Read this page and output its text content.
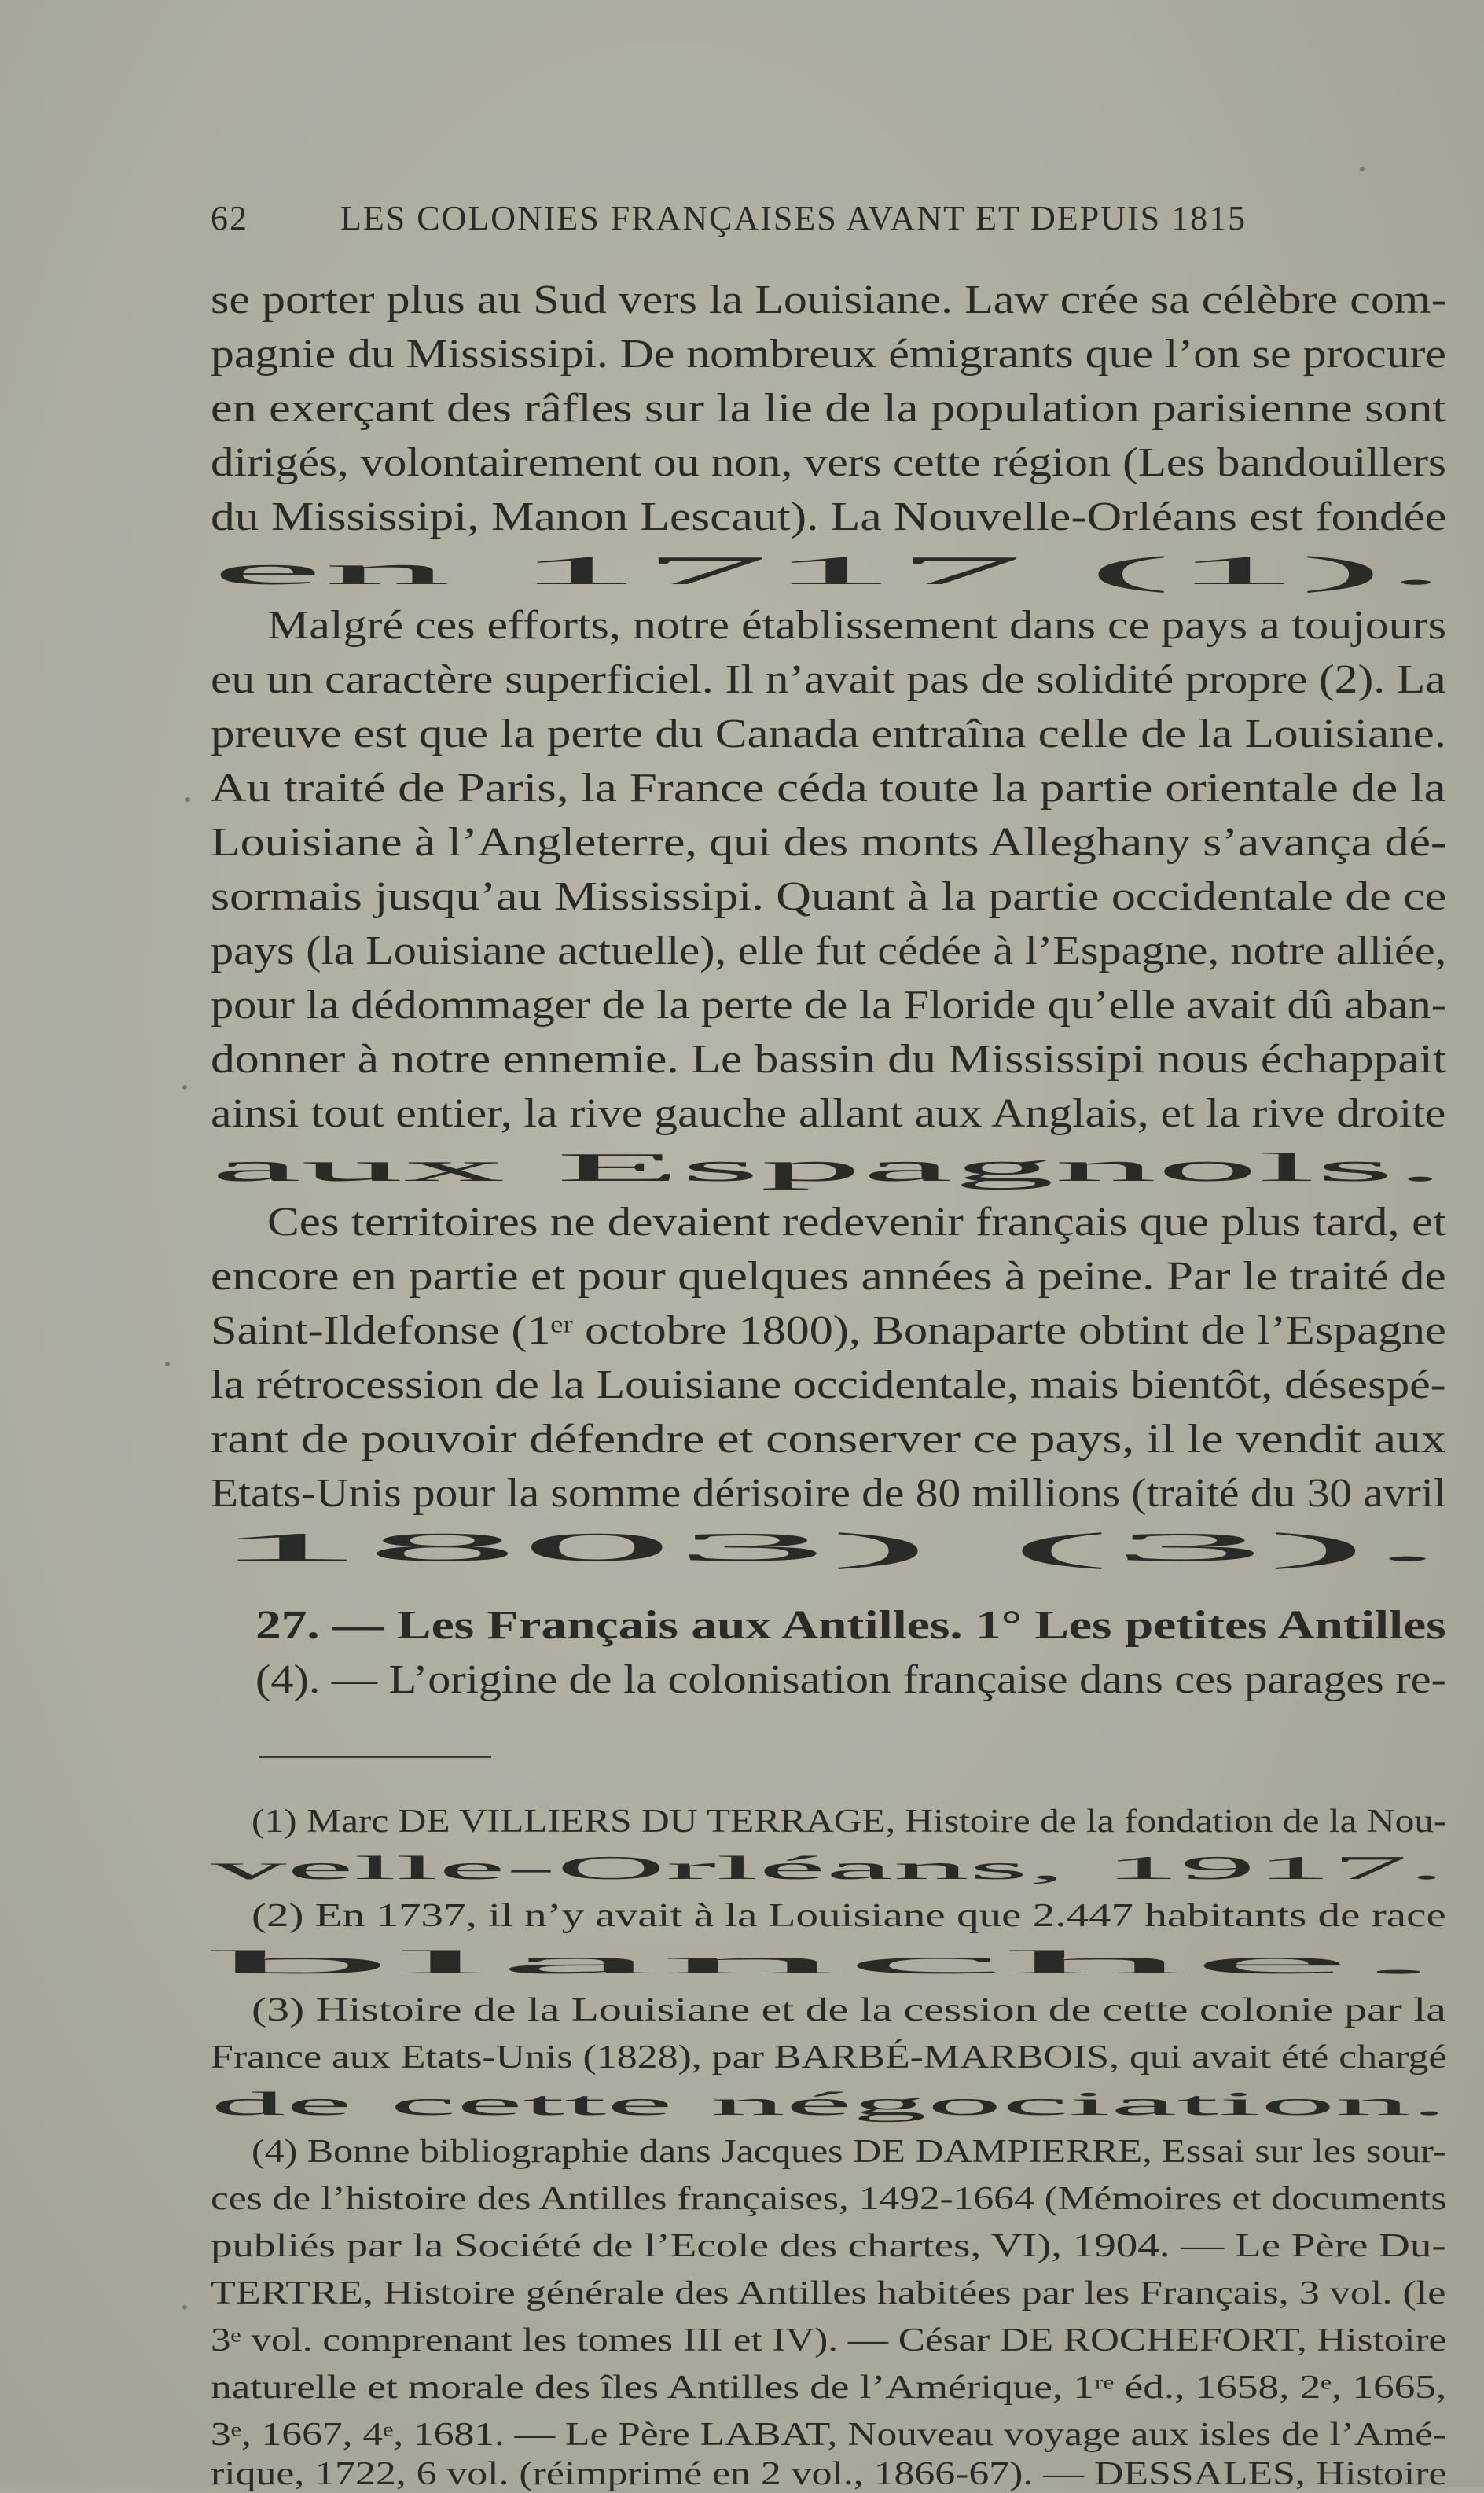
62	LES COLONIES FRANÇAISES AVANT ET DEPUIS 1815
se porter plus au Sud vers la Louisiane. Law crée sa célèbre com-
pagnie du Mississipi. De nombreux émigrants que l’on se procure
en exerçant des râfles sur la lie de la population parisienne sont
dirigés, volontairement ou non, vers cette région (Les bandouillers
du Mississipi, Manon Lescaut). La Nouvelle-Orléans est fondée
en 1717 (1).
Malgré ces efforts, notre établissement dans ce pays a toujours
eu un caractère superficiel. Il n’avait pas de solidité propre (2). La
preuve est que la perte du Canada entraîna celle de la Louisiane.
Au traité de Paris, la France céda toute la partie orientale de la
Louisiane à l’Angleterre, qui des monts Alleghany s’avança dé-
sormais jusqu’au Mississipi. Quant à la partie occidentale de ce
pays (la Louisiane actuelle), elle fut cédée à l’Espagne, notre alliée,
pour la dédommager de la perte de la Floride qu’elle avait dû aban-
donner à notre ennemie. Le bassin du Mississipi nous échappait
ainsi tout entier, la rive gauche allant aux Anglais, et la rive droite
aux Espagnols.
Ces territoires ne devaient redevenir français que plus tard, et
encore en partie et pour quelques années à peine. Par le traité de
Saint-Ildefonse (1ᵉʳ octobre 1800), Bonaparte obtint de l’Espagne
la rétrocession de la Louisiane occidentale, mais bientôt, désespé-
rant de pouvoir défendre et conserver ce pays, il le vendit aux
Etats-Unis pour la somme dérisoire de 80 millions (traité du 30 avril
1803) (3).
27. — Les Français aux Antilles. 1° Les petites Antilles
(4). — L’origine de la colonisation française dans ces parages re-
(1) Marc DE VILLIERS DU TERRAGE, Histoire de la fondation de la Nou-
velle-Orléans, 1917.
(2) En 1737, il n’y avait à la Louisiane que 2.447 habitants de race
blanche.
(3) Histoire de la Louisiane et de la cession de cette colonie par la
France aux Etats-Unis (1828), par BARBÉ-MARBOIS, qui avait été chargé
de cette négociation.
(4) Bonne bibliographie dans Jacques DE DAMPIERRE, Essai sur les sour-
ces de l’histoire des Antilles françaises, 1492-1664 (Mémoires et documents
publiés par la Société de l’Ecole des chartes, VI), 1904. — Le Père Du-
TERTRE, Histoire générale des Antilles habitées par les Français, 3 vol. (le
3ᵉ vol. comprenant les tomes III et IV). — César DE ROCHEFORT, Histoire
naturelle et morale des îles Antilles de l’Amérique, 1ʳᵉ éd., 1658, 2ᵉ, 1665,
3ᵉ, 1667, 4ᵉ, 1681. — Le Père LABAT, Nouveau voyage aux isles de l’Amé-
rique, 1722, 6 vol. (réimprimé en 2 vol., 1866-67). — DESSALES, Histoire
